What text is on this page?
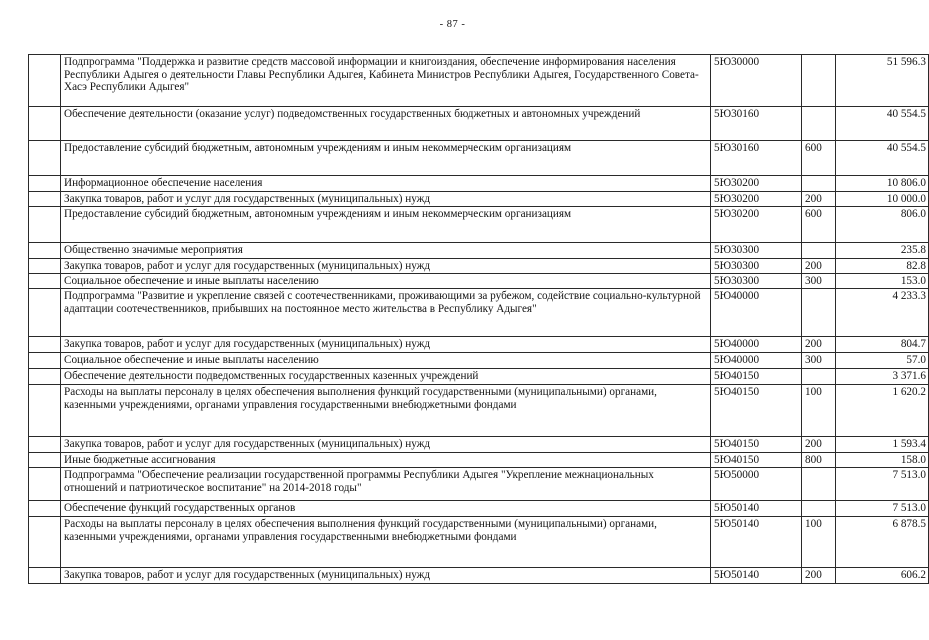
- 87 -
	Подпрограмма "Поддержка и развитие средств массовой информации и книгоиздания, обеспечение информирования населения Республики Адыгея о деятельности Главы Республики Адыгея, Кабинета Министров Республики Адыгея, Государственного Совета-Хасэ Республики Адыгея"	5Ю30000		51 596.3
	Обеспечение деятельности (оказание услуг) подведомственных государственных бюджетных и автономных учреждений	5Ю30160		40 554.5
	Предоставление субсидий бюджетным, автономным учреждениям и иным некоммерческим организациям	5Ю30160	600	40 554.5
	Информационное обеспечение населения	5Ю30200		10 806.0
	Закупка товаров, работ и услуг для государственных (муниципальных) нужд	5Ю30200	200	10 000.0
	Предоставление субсидий бюджетным, автономным учреждениям и иным некоммерческим организациям	5Ю30200	600	806.0
	Общественно значимые мероприятия	5Ю30300		235.8
	Закупка товаров, работ и услуг для государственных (муниципальных) нужд	5Ю30300	200	82.8
	Социальное обеспечение и иные выплаты населению	5Ю30300	300	153.0
	Подпрограмма "Развитие и укрепление связей с соотечественниками, проживающими за рубежом, содействие социально-культурной адаптации соотечественников, прибывших на постоянное место жительства в Республику Адыгея"	5Ю40000		4 233.3
	Закупка товаров, работ и услуг для государственных (муниципальных) нужд	5Ю40000	200	804.7
	Социальное обеспечение и иные выплаты населению	5Ю40000	300	57.0
	Обеспечение деятельности подведомственных государственных казенных учреждений	5Ю40150		3 371.6
	Расходы на выплаты персоналу в целях обеспечения выполнения функций государственными (муниципальными) органами, казенными учреждениями, органами управления государственными внебюджетными фондами	5Ю40150	100	1 620.2
	Закупка товаров, работ и услуг для государственных (муниципальных) нужд	5Ю40150	200	1 593.4
	Иные бюджетные ассигнования	5Ю40150	800	158.0
	Подпрограмма "Обеспечение реализации государственной программы Республики Адыгея "Укрепление межнациональных отношений и патриотическое воспитание" на 2014-2018 годы"	5Ю50000		7 513.0
	Обеспечение функций государственных органов	5Ю50140		7 513.0
	Расходы на выплаты персоналу в целях обеспечения выполнения функций государственными (муниципальными) органами, казенными учреждениями, органами управления государственными внебюджетными фондами	5Ю50140	100	6 878.5
	Закупка товаров, работ и услуг для государственных (муниципальных) нужд	5Ю50140	200	606.2
